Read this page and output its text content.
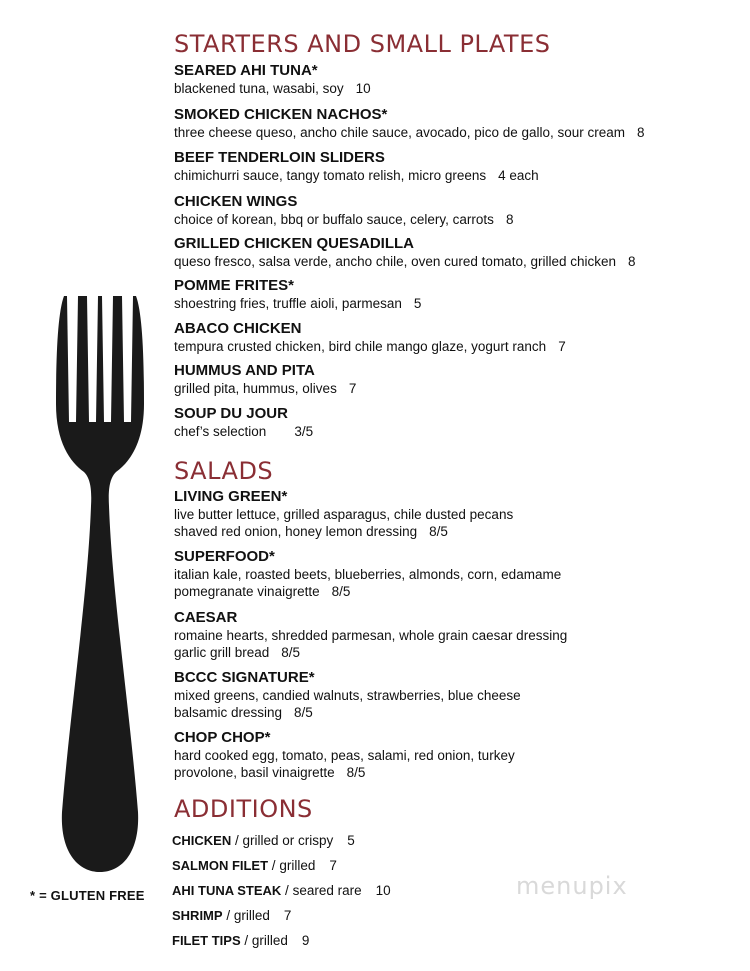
* = GLUTEN FREE	menupix
STARTERS AND SMALL PLATES
SEARED AHI TUNA*
blackened tuna, wasabi, soy 10
SMOKED CHICKEN NACHOS*
three cheese queso, ancho chile sauce, avocado, pico de gallo, sour cream 8
BEEF TENDERLOIN SLIDERS
chimichurri sauce, tangy tomato relish, micro greens 4 each
CHICKEN WINGS
choice of korean, bbq or buffalo sauce, celery, carrots 8
GRILLED CHICKEN QUESADILLA
queso fresco, salsa verde, ancho chile, oven cured tomato, grilled chicken 8
POMME FRITES*
shoestring fries, truffle aioli, parmesan 5
ABACO CHICKEN
tempura crusted chicken, bird chile mango glaze, yogurt ranch 7
HUMMUS AND PITA
grilled pita, hummus, olives 7
SOUP DU JOUR
chef’s selection 3/5
SALADS
LIVING GREEN*
live butter lettuce, grilled asparagus, chile dusted pecans
shaved red onion, honey lemon dressing 8/5
SUPERFOOD*
italian kale, roasted beets, blueberries, almonds, corn, edamame
pomegranate vinaigrette 8/5
CAESAR
romaine hearts, shredded parmesan, whole grain caesar dressing
garlic grill bread 8/5
BCCC SIGNATURE*
mixed greens, candied walnuts, strawberries, blue cheese
balsamic dressing 8/5
CHOP CHOP*
hard cooked egg, tomato, peas, salami, red onion, turkey
provolone, basil vinaigrette 8/5
ADDITIONS
CHICKEN / grilled or crispy 5
SALMON FILET / grilled 7
AHI TUNA STEAK / seared rare 10
SHRIMP / grilled 7
FILET TIPS / grilled 9
